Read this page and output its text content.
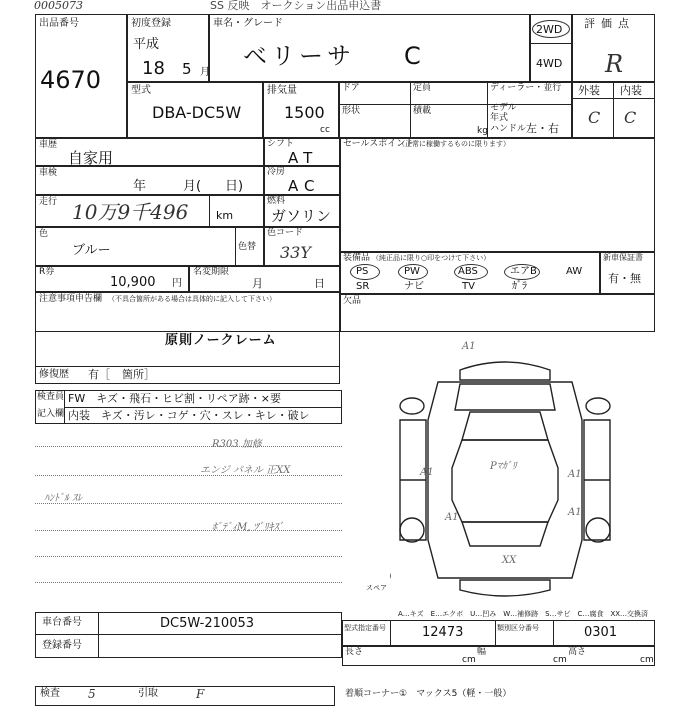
0005073	SS 反映　オークション出品申込書
出品番号
4670
初度登録
平成
18 5 月
車名・グレード
ベリーサ C
2WD
4WD
評価点
R
外装 内装
C C
型式
DBA-DC5W
排気量
1500
cc
ドア	定員
形状	積載
kg
ディーラー・並行
モデル
年式
ハンドル 左・右
車歴
自家用
シフト
AT
車検
年	月( 日)
冷房
AC
走行 10万9千496	km
燃料
ガソリン
色
ブルー	色替
色コード
33Y
R券
10,900 円
名変期限
月	日
注意事項申告欄 （不具合箇所がある場合は具体的に記入して下さい）
原則ノークレーム
修復歴 有［ 箇所］
セールスポイント
（正常に稼働するものに限ります）
装備品 （純正品に限り○印をつけて下さい）
PS	PW	ABS	エアB	AW
SR	ナビ	TV	ｶﾞﾗ
新車保証書
有・無
欠品
検査員
記入欄
FW　キズ・飛石・ヒビ割・リペア跡・×要
内装　キズ・汚レ・コゲ・穴・スレ・キレ・破レ
R303 加修
エンジ パネル 正XX
ﾊﾝﾄﾞﾙ ｽﾚ
ﾎﾞﾃﾞｨM, ﾂﾞﾘｷｽﾞ
A1
Pﾏｶﾞﾘ
A1
A1
A1
A1
XX
スペア
A…キズ　E…エクボ　U…凹み　W…補修跡　S…サビ　C…腐食　XX…交換済
車台番号	DC5W-210053
登録番号
型式指定番号	12473	類別区分番号	0301
長さ
cm
幅
cm
高さ
cm
検査 5	引取	F	着順コーナー①　マックス5（軽・一般）
